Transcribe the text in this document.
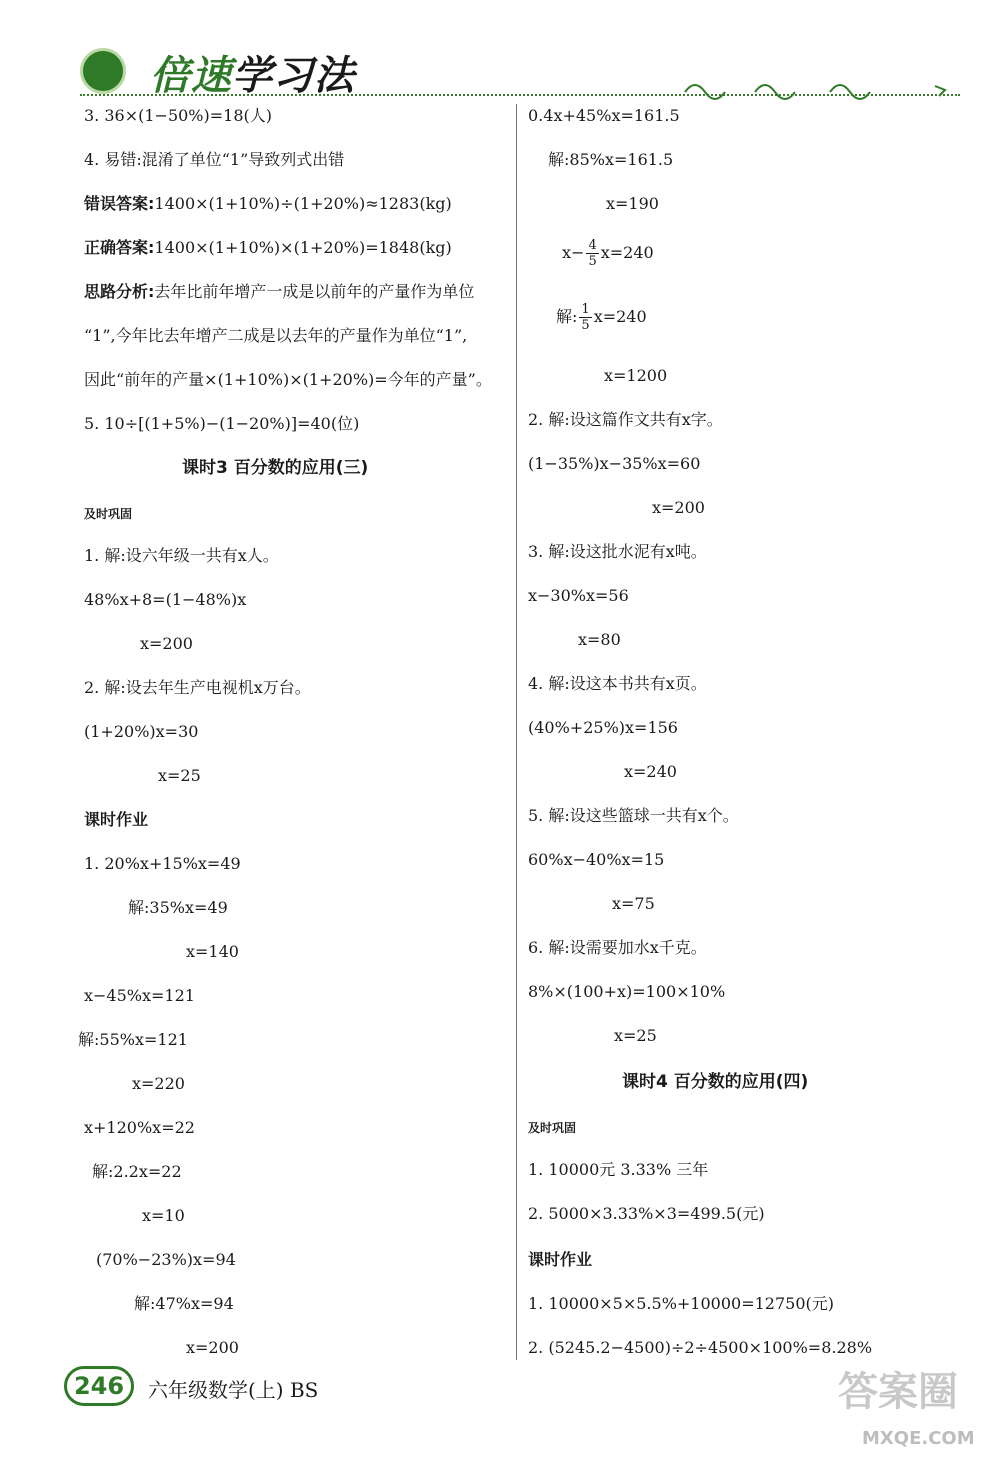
倍速学习法
3. 36×(1−50%)=18(人)
4. 易错:混淆了单位“1”导致列式出错
错误答案:1400×(1+10%)÷(1+20%)≈1283(kg)
正确答案:1400×(1+10%)×(1+20%)=1848(kg)
思路分析:去年比前年增产一成是以前年的产量作为单位
“1”,今年比去年增产二成是以去年的产量作为单位“1”,
因此“前年的产量×(1+10%)×(1+20%)=今年的产量”。
5. 10÷[(1+5%)−(1−20%)]=40(位)
课时3 百分数的应用(三)
及时巩固
1. 解:设六年级一共有x人。
48%x+8=(1−48%)x
x=200
2. 解:设去年生产电视机x万台。
(1+20%)x=30
x=25
课时作业
1. 20%x+15%x=49
解:35%x=49
x=140
x−45%x=121
解:55%x=121
x=220
x+120%x=22
解:2.2x=22
x=10
(70%−23%)x=94
解:47%x=94
x=200
0.4x+45%x=161.5
解:85%x=161.5
x=190
$x- \frac{4}{5} x=240$
解: $\frac{1}{5} x=240$
x=1200
2. 解:设这篇作文共有x字。
(1−35%)x−35%x=60
x=200
3. 解:设这批水泥有x吨。
x−30%x=56
x=80
4. 解:设这本书共有x页。
(40%+25%)x=156
x=240
5. 解:设这些篮球一共有x个。
60%x−40%x=15
x=75
6. 解:设需要加水x千克。
8%×(100+x)=100×10%
x=25
课时4 百分数的应用(四)
及时巩固
1. 10000元 3.33% 三年
2. 5000×3.33%×3=499.5(元)
课时作业
1. 10000×5×5.5%+10000=12750(元)
2. (5245.2−4500)÷2÷4500×100%=8.28%
246	六年级数学(上) BS	答案圈
MXQE.COM
